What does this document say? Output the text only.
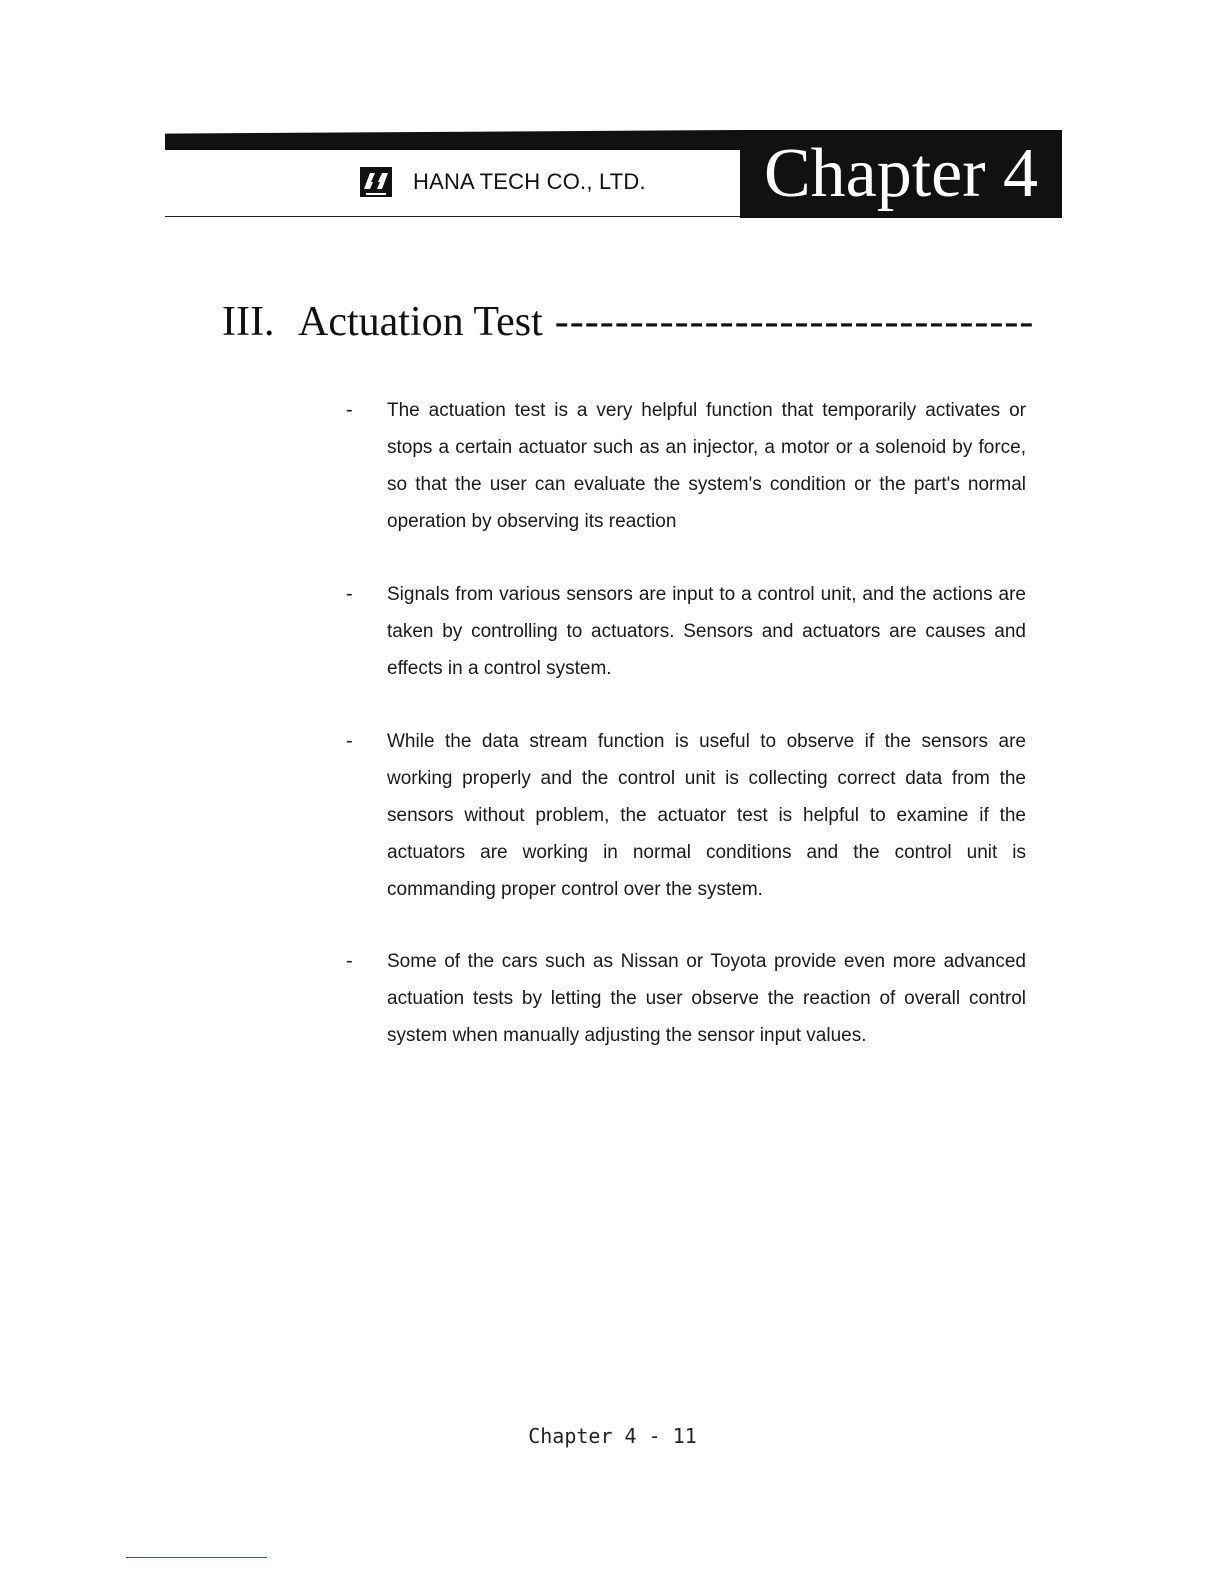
HANA TECH CO., LTD.	Chapter 4
III. Actuation Test --------------------------------
- The actuation test is a very helpful function that temporarily activates or stops a certain actuator such as an injector, a motor or a solenoid by force, so that the user can evaluate the system's condition or the part's normal operation by observing its reaction

- Signals from various sensors are input to a control unit, and the actions are taken by controlling to actuators. Sensors and actuators are causes and effects in a control system.

- While the data stream function is useful to observe if the sensors are working properly and the control unit is collecting correct data from the sensors without problem, the actuator test is helpful to examine if the actuators are working in normal conditions and the control unit is commanding proper control over the system.

- Some of the cars such as Nissan or Toyota provide even more advanced actuation tests by letting the user observe the reaction of overall control system when manually adjusting the sensor input values.

Chapter 4 - 11
